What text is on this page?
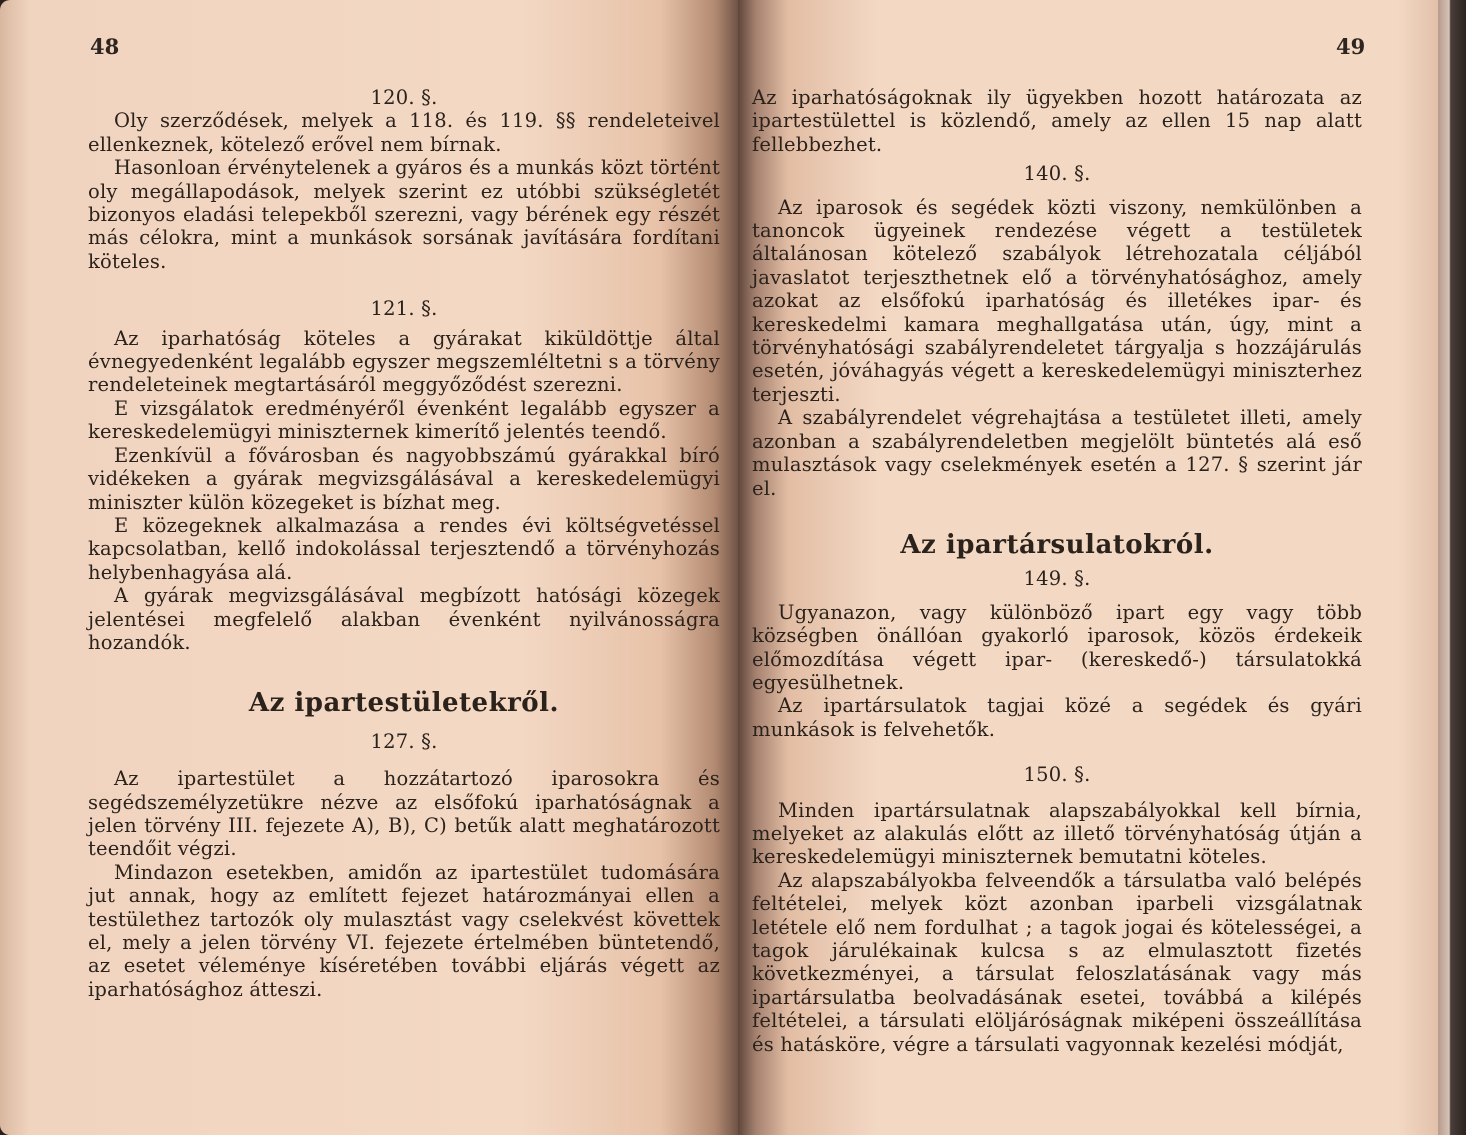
48

120. §.

Oly szerződések, melyek a 118. és 119. §§ rendeleteivel ellenkeznek, kötelező erővel nem bírnak.

Hasonloan érvénytelenek a gyáros és a munkás közt történt oly megállapodások, melyek szerint ez utóbbi szükségletét bizonyos eladási telepekből szerezni, vagy bérének egy részét más célokra, mint a munkások sorsának javítására fordítani köteles.

121. §.

Az iparhatóság köteles a gyárakat kiküldöttje által évnegyedenként legalább egyszer megszemléltetni s a törvény rendeleteinek megtartásáról meggyőződést szerezni.

E vizsgálatok eredményéről évenként legalább egyszer a kereskedelemügyi miniszternek kimerítő jelentés teendő.

Ezenkívül a fővárosban és nagyobbszámú gyárakkal bíró vidékeken a gyárak megvizsgálásával a kereskedelemügyi miniszter külön közegeket is bízhat meg.

E közegeknek alkalmazása a rendes évi költségvetéssel kapcsolatban, kellő indokolással terjesztendő a törvényhozás helybenhagyása alá.

A gyárak megvizsgálásával megbízott hatósági közegek jelentései megfelelő alakban évenként nyilvánosságra hozandók.

Az ipartestületekről.

127. §.

Az ipartestület a hozzátartozó iparosokra és segédszemélyzetükre nézve az elsőfokú iparhatóságnak a jelen törvény III. fejezete A), B), C) betűk alatt meghatározott teendőit végzi.

Mindazon esetekben, amidőn az ipartestület tudomására jut annak, hogy az említett fejezet határozmányai ellen a testülethez tartozók oly mulasztást vagy cselekvést követtek el, mely a jelen törvény VI. fejezete értelmében büntetendő, az esetet véleménye kíséretében további eljárás végett az iparhatósághoz átteszi.

49

Az iparhatóságoknak ily ügyekben hozott határozata az ipartestülettel is közlendő, amely az ellen 15 nap alatt fellebbezhet.

140. §.

Az iparosok és segédek közti viszony, nemkülönben a tanoncok ügyeinek rendezése végett a testületek általánosan kötelező szabályok létrehozatala céljából javaslatot terjeszthetnek elő a törvényhatósághoz, amely azokat az elsőfokú iparhatóság és illetékes ipar- és kereskedelmi kamara meghallgatása után, úgy, mint a törvényhatósági szabályrendeletet tárgyalja s hozzájárulás esetén, jóváhagyás végett a kereskedelemügyi miniszterhez terjeszti.

A szabályrendelet végrehajtása a testületet illeti, amely azonban a szabályrendeletben megjelölt büntetés alá eső mulasztások vagy cselekmények esetén a 127. § szerint jár el.

Az ipartársulatokról.

149. §.

Ugyanazon, vagy különböző ipart egy vagy több községben önállóan gyakorló iparosok, közös érdekeik előmozdítása végett ipar- (kereskedő-) társulatokká egyesülhetnek.

Az ipartársulatok tagjai közé a segédek és gyári munkások is felvehetők.

150. §.

Minden ipartársulatnak alapszabályokkal kell bírnia, melyeket az alakulás előtt az illető törvényhatóság útján a kereskedelemügyi miniszternek bemutatni köteles.

Az alapszabályokba felveendők a társulatba való belépés feltételei, melyek közt azonban iparbeli vizsgálatnak letétele elő nem fordulhat ; a tagok jogai és kötelességei, a tagok járulékainak kulcsa s az elmulasztott fizetés következményei, a társulat feloszlatásának vagy más ipartársulatba beolvadásának esetei, továbbá a kilépés feltételei, a társulati elöljáróságnak miképeni összeállítása és hatásköre, végre a társulati vagyonnak kezelési módját,
